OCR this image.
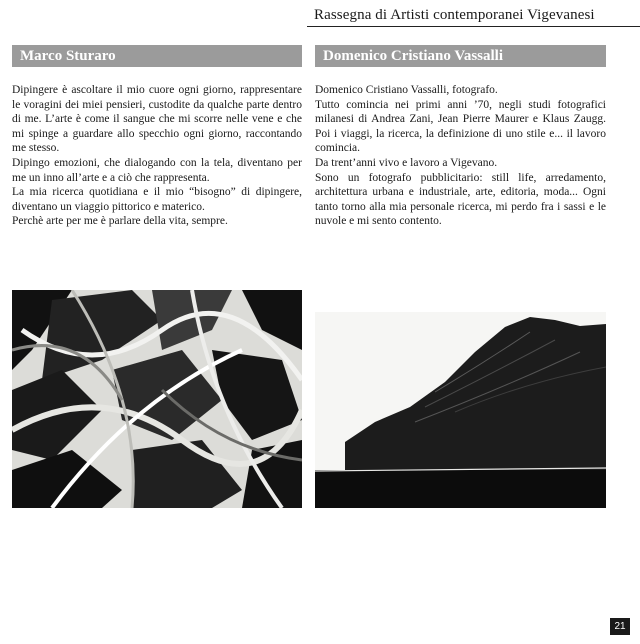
Rassegna di Artisti contemporanei Vigevanesi
Marco Sturaro

Dipingere è ascoltare il mio cuore ogni giorno, rappresentare le voragini dei miei pensieri, custodite da qualche parte dentro di me. L’arte è come il sangue che mi scorre nelle vene e che mi spinge a guardare allo specchio ogni giorno, raccontando me stesso.

Dipingo emozioni, che dialogando con la tela, diventano per me un inno all’arte e a ciò che rappresenta.

La mia ricerca quotidiana e il mio “bisogno” di dipingere, diventano un viaggio pittorico e materico.

Perchè arte per me è parlare della vita, sempre.

Domenico Cristiano Vassalli

Domenico Cristiano Vassalli, fotografo.

Tutto comincia nei primi anni ’70, negli studi fotografici milanesi di Andrea Zani, Jean Pierre Maurer e Klaus Zaugg. Poi i viaggi, la ricerca, la definizione di uno stile e... il lavoro comincia.

Da trent’anni vivo e lavoro a Vigevano.

Sono un fotografo pubblicitario: still life, arredamento, architettura urbana e industriale, arte, editoria, moda... Ogni tanto torno alla mia personale ricerca, mi perdo fra i sassi e le nuvole e mi sento contento.

21
